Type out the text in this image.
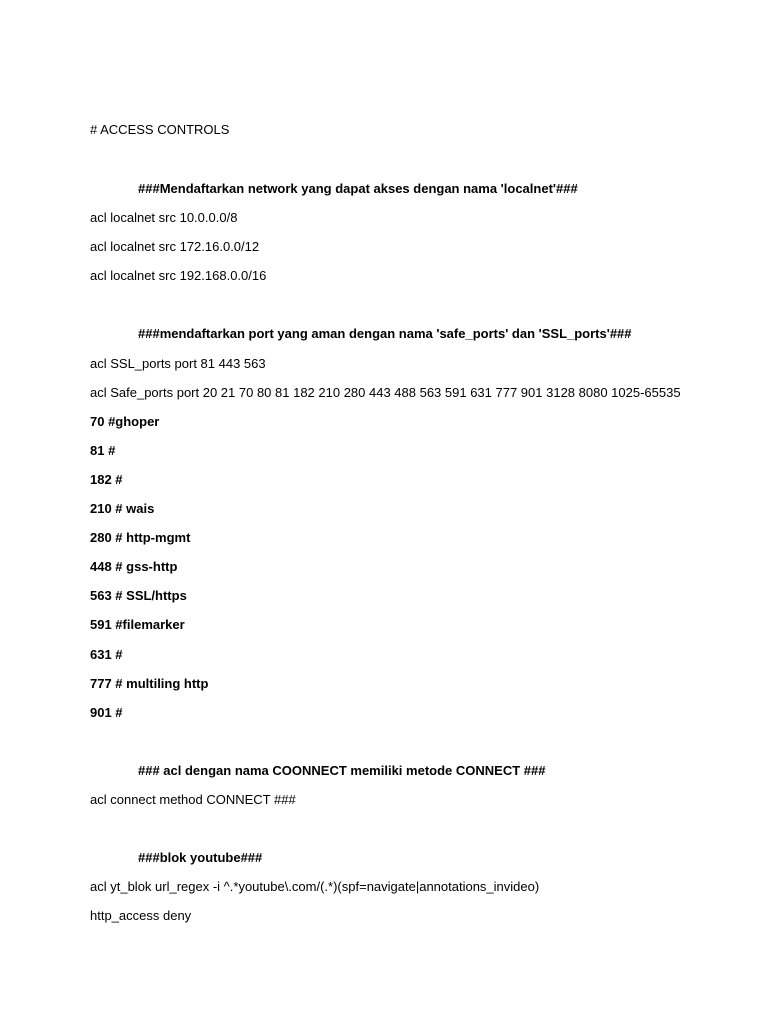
# ACCESS CONTROLS
###Mendaftarkan network yang dapat akses dengan nama 'localnet'###
acl localnet src 10.0.0.0/8
acl localnet src 172.16.0.0/12
acl localnet src 192.168.0.0/16
###mendaftarkan port yang aman dengan nama 'safe_ports' dan 'SSL_ports'###
acl SSL_ports port 81 443 563
acl Safe_ports port 20 21 70 80 81 182 210 280 443 488 563 591 631 777 901 3128 8080 1025-65535
70 #ghoper
81 #
182 #
210 # wais
280 # http-mgmt
448 # gss-http
563 # SSL/https
591 #filemarker
631 #
777 # multiling http
901 #
### acl dengan nama COONNECT memiliki metode CONNECT ###
acl connect method CONNECT ###
###blok youtube###
acl yt_blok url_regex -i ^.*youtube\.com/(.*)(spf=navigate|annotations_invideo)
http_access deny
